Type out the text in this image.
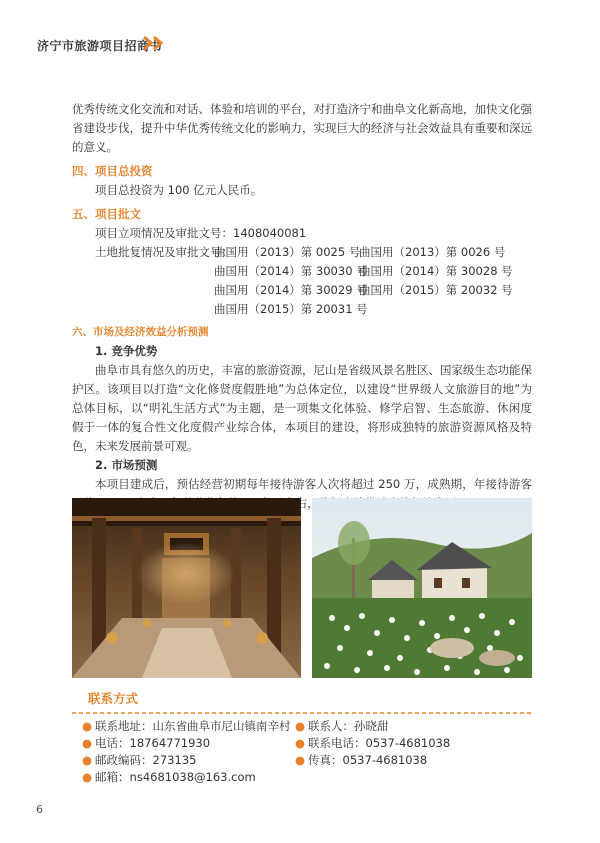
济宁市旅游项目招商书

优秀传统文化交流和对话、体验和培训的平台，对打造济宁和曲阜文化新高地，加快文化强省建设步伐，提升中华优秀传统文化的影响力，实现巨大的经济与社会效益具有重要和深远的意义。

四、项目总投资

项目总投资为 100 亿元人民币。

五、项目批文

项目立项情况及审批文号：1408040081
土地批复情况及审批文号：
曲国用（2013）第 0025 号
曲国用（2013）第 0026 号
曲国用（2014）第 30030 号
曲国用（2014）第 30028 号
曲国用（2014）第 30029 号
曲国用（2015）第 20032 号
曲国用（2015）第 20031 号

六、市场及经济效益分析预测

1. 竞争优势

曲阜市具有悠久的历史，丰富的旅游资源，尼山是省级风景名胜区、国家级生态功能保护区。该项目以打造“文化修贤度假胜地”为总体定位，以建设“世界级人文旅游目的地”为总体目标，以“明礼生活方式”为主题，是一项集文化体验、修学启智、生态旅游、休闲度假于一体的复合性文化度假产业综合体，本项目的建设，将形成独特的旅游资源风格及特色，未来发展前景可观。

2. 市场预测

本项目建成后，预估经营初期每年接待游客人次将超过 250 万，成熟期，年接待游客

联系方式

● 联系地址：山东省曲阜市尼山镇南辛村 ● 联系人：孙晓甜
● 电话：18764771930	● 联系电话：0537-4681038
● 邮政编码：273135	● 传真：0537-4681038
● 邮箱：ns4681038@163.com
6
